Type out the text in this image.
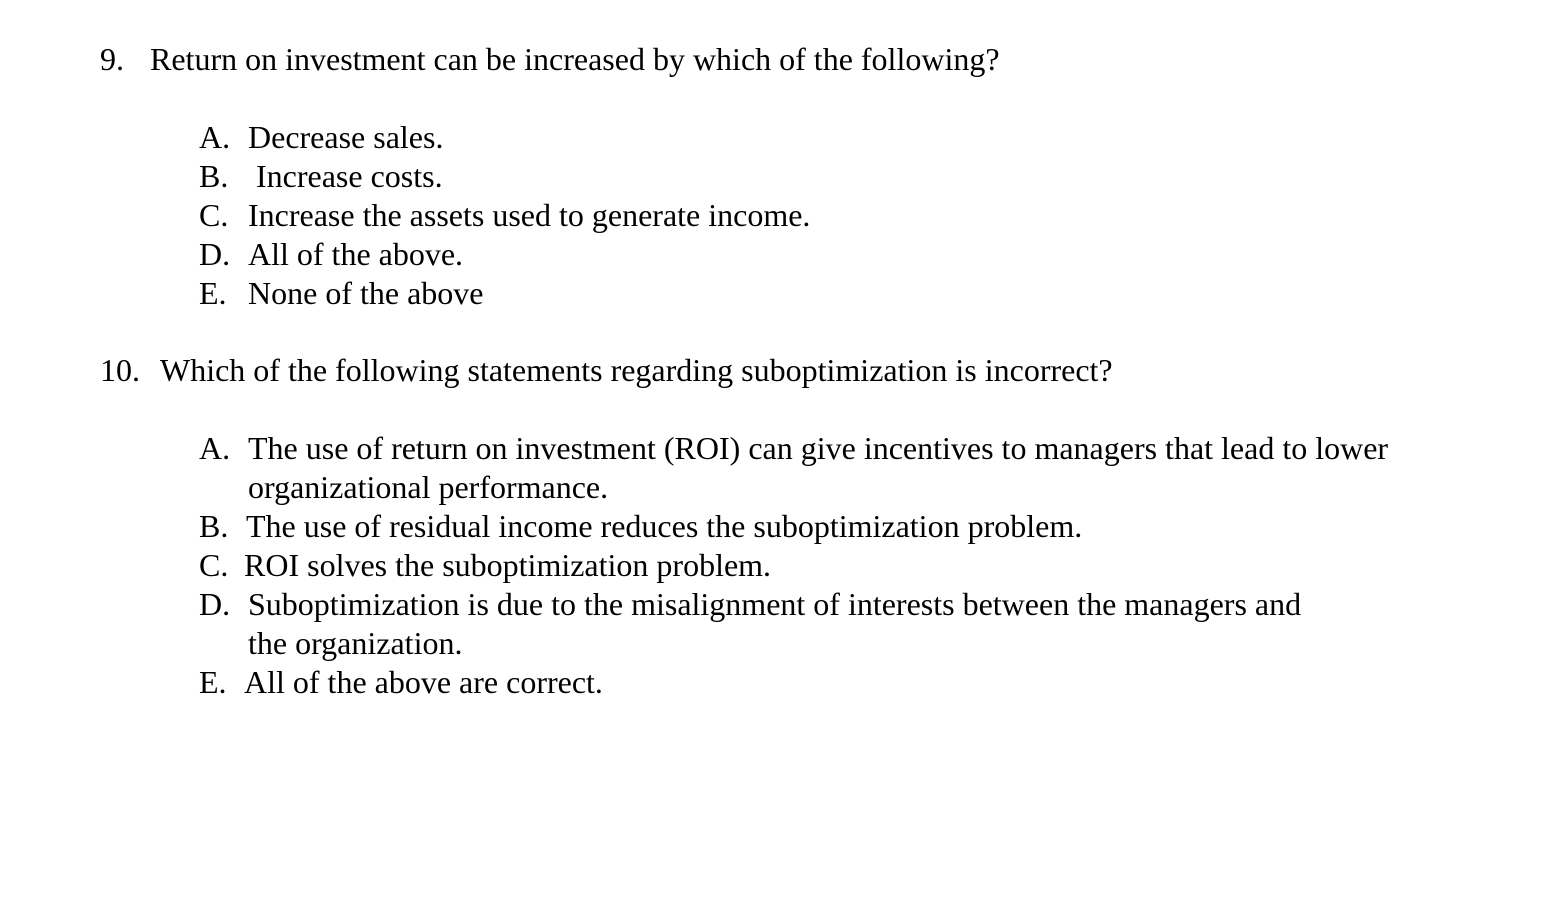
9. Return on investment can be increased by which of the following?
A. Decrease sales.
B. Increase costs.
C. Increase the assets used to generate income.
D. All of the above.
E. None of the above
10. Which of the following statements regarding suboptimization is incorrect?
A. The use of return on investment (ROI) can give incentives to managers that lead to lower organizational performance.
B. The use of residual income reduces the suboptimization problem.
C. ROI solves the suboptimization problem.
D. Suboptimization is due to the misalignment of interests between the managers and the organization.
E. All of the above are correct.
